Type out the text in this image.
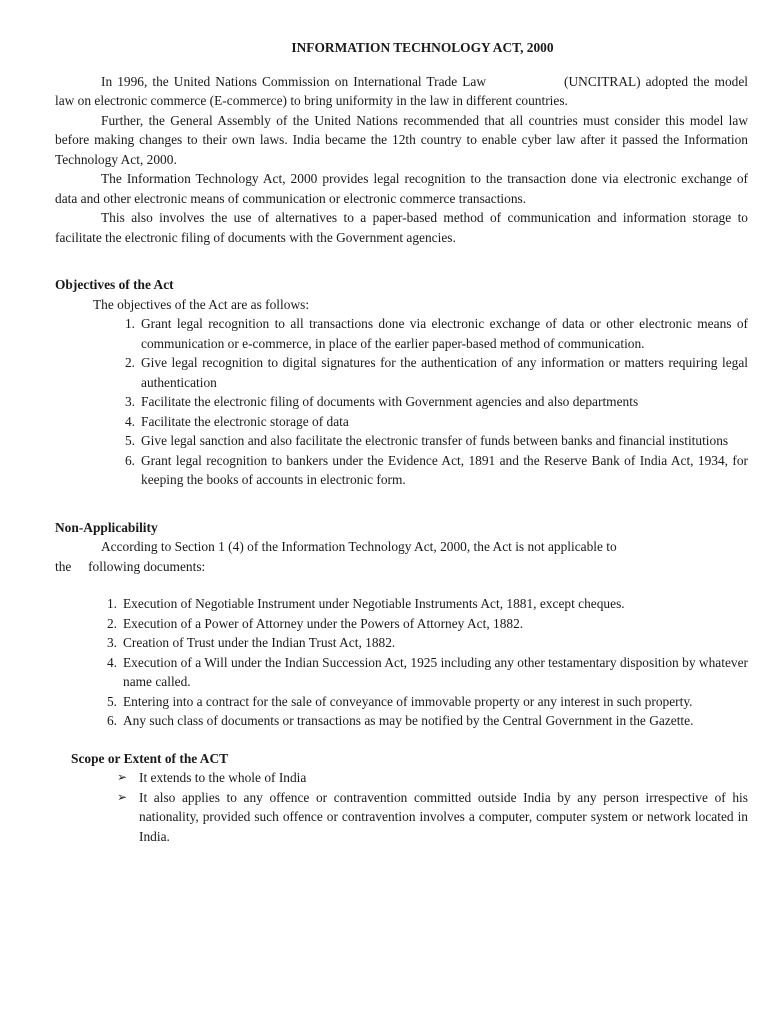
INFORMATION TECHNOLOGY ACT, 2000

In 1996, the United Nations Commission on International Trade Law	(UNCITRAL) adopted the model law on electronic commerce (E-commerce) to bring uniformity in the law in different countries.

Further, the General Assembly of the United Nations recommended that all countries must consider this model law before making changes to their own laws. India became the 12th country to enable cyber law after it passed the Information Technology Act, 2000.

The Information Technology Act, 2000 provides legal recognition to the transaction done via electronic exchange of data and other electronic means of communication or electronic commerce transactions.

This also involves the use of alternatives to a paper-based method of communication and information storage to facilitate the electronic filing of documents with the Government agencies.

Objectives of the Act
The objectives of the Act are as follows:
1. Grant legal recognition to all transactions done via electronic exchange of data or other electronic means of communication or e-commerce, in place of the earlier paper-based method of communication.
2. Give legal recognition to digital signatures for the authentication of any information or matters requiring legal authentication
3. Facilitate the electronic filing of documents with Government agencies and also departments
4. Facilitate the electronic storage of data
5. Give legal sanction and also facilitate the electronic transfer of funds between banks and financial institutions
6. Grant legal recognition to bankers under the Evidence Act, 1891 and the Reserve Bank of India Act, 1934, for keeping the books of accounts in electronic form.
Non-Applicability
According to Section 1 (4) of the Information Technology Act, 2000, the Act is not applicable to
the     following documents:
1. Execution of Negotiable Instrument under Negotiable Instruments Act, 1881, except cheques.
2. Execution of a Power of Attorney under the Powers of Attorney Act, 1882.
3. Creation of Trust under the Indian Trust Act, 1882.
4. Execution of a Will under the Indian Succession Act, 1925 including any other testamentary disposition by whatever name called.
5. Entering into a contract for the sale of conveyance of immovable property or any interest in such property.
6. Any such class of documents or transactions as may be notified by the Central Government in the Gazette.
Scope or Extent of the ACT
➢ It extends to the whole of India
➢ It also applies to any offence or contravention committed outside India by any person irrespective of his nationality, provided such offence or contravention involves a computer, computer system or network located in India.
